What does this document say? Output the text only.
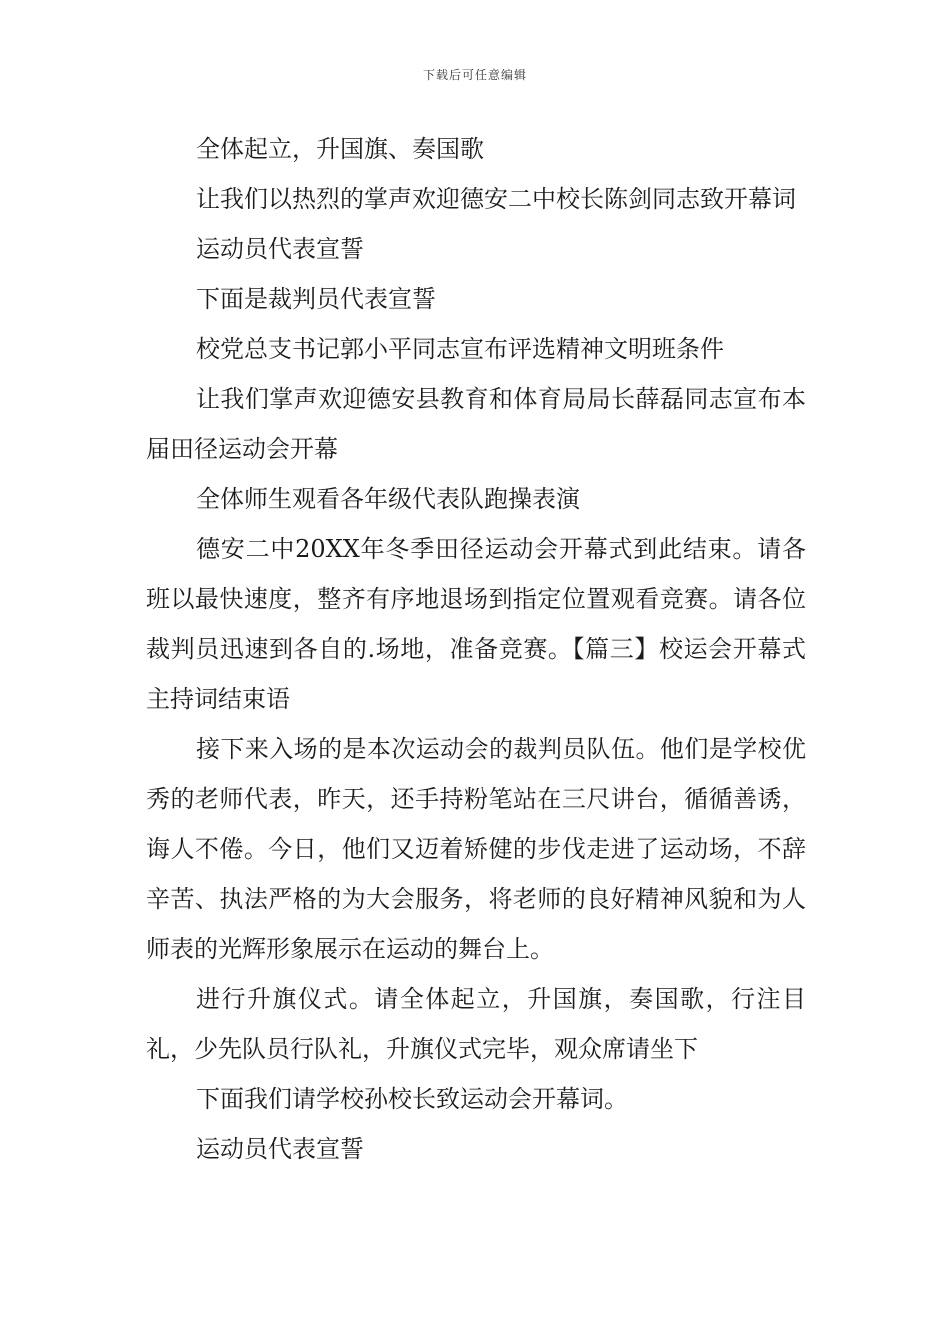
下载后可任意编辑

全体起立，升国旗、奏国歌

让我们以热烈的掌声欢迎德安二中校长陈剑同志致开幕词

运动员代表宣誓

下面是裁判员代表宣誓

校党总支书记郭小平同志宣布评选精神文明班条件

让我们掌声欢迎德安县教育和体育局局长薛磊同志宣布本届田径运动会开幕

全体师生观看各年级代表队跑操表演

德安二中20XX年冬季田径运动会开幕式到此结束。请各班以最快速度，整齐有序地退场到指定位置观看竞赛。请各位裁判员迅速到各自的.场地，准备竞赛。【篇三】校运会开幕式主持词结束语

接下来入场的是本次运动会的裁判员队伍。他们是学校优秀的老师代表，昨天，还手持粉笔站在三尺讲台，循循善诱，诲人不倦。今日，他们又迈着矫健的步伐走进了运动场，不辞辛苦、执法严格的为大会服务，将老师的良好精神风貌和为人师表的光辉形象展示在运动的舞台上。

进行升旗仪式。请全体起立，升国旗，奏国歌，行注目礼，少先队员行队礼，升旗仪式完毕，观众席请坐下

下面我们请学校孙校长致运动会开幕词。

运动员代表宣誓
